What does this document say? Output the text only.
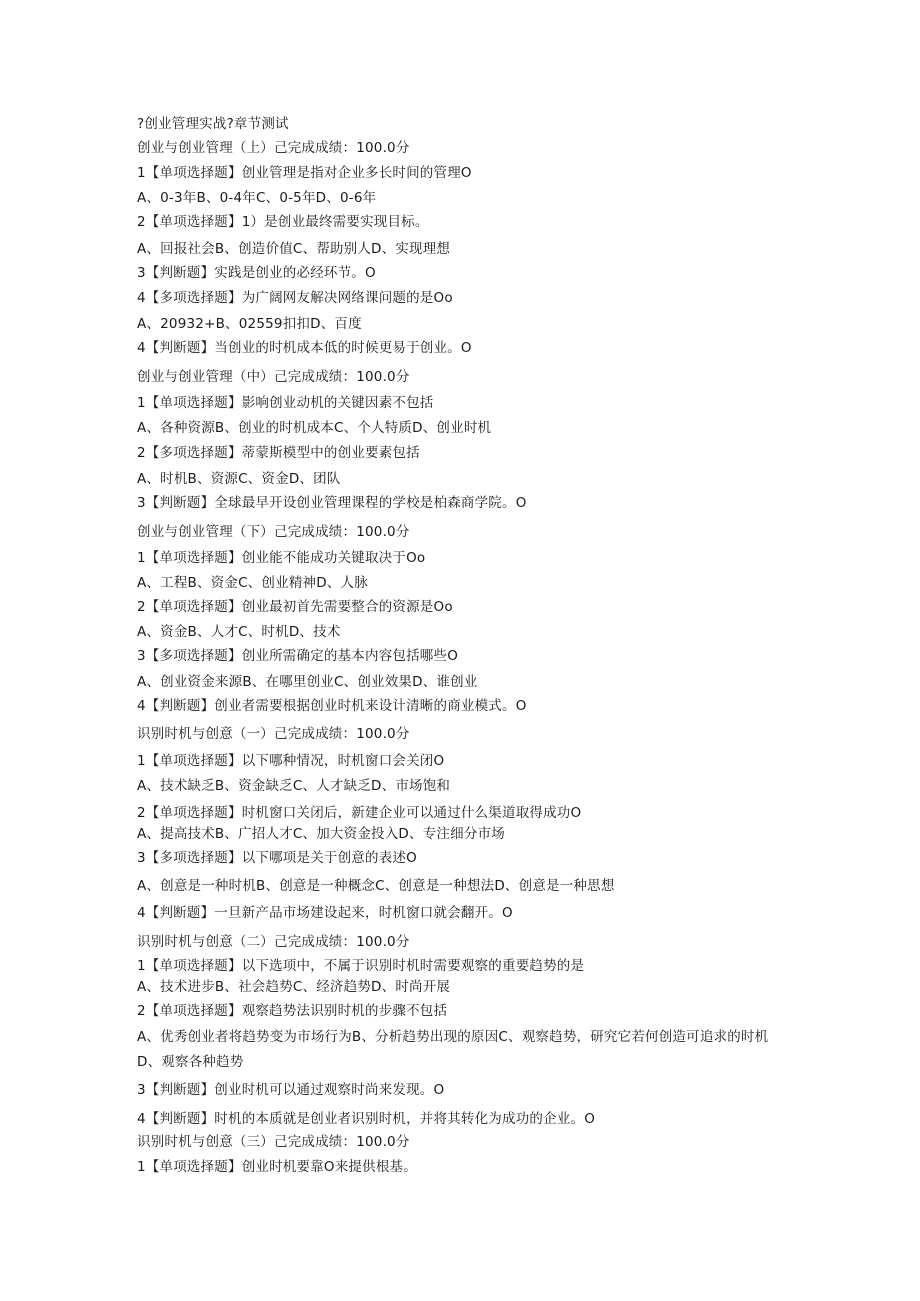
?创业管理实战?章节测试
创业与创业管理（上）己完成成绩：100.0分
1【单项选择题】创业管理是指对企业多长时间的管理O
A、0-3年B、0-4年C、0-5年D、0-6年
2【单项选择题】1）是创业最终需要实现目标。
A、回报社会B、创造价值C、帮助别人D、实现理想
3【判断题】实践是创业的必经环节。O
4【多项选择题】为广阔网友解决网络课问题的是Oo
A、20932+B、02559扣扣D、百度
4【判断题】当创业的时机成本低的时候更易于创业。O
创业与创业管理（中）己完成成绩：100.0分
1【单项选择题】影响创业动机的关键因素不包括
A、各种资源B、创业的时机成本C、个人特质D、创业时机
2【多项选择题】蒂蒙斯模型中的创业要素包括
A、时机B、资源C、资金D、团队
3【判断题】全球最早开设创业管理课程的学校是柏森商学院。O
创业与创业管理（下）己完成成绩：100.0分
1【单项选择题】创业能不能成功关键取决于Oo
A、工程B、资金C、创业精神D、人脉
2【单项选择题】创业最初首先需要整合的资源是Oo
A、资金B、人才C、时机D、技术
3【多项选择题】创业所需确定的基本内容包括哪些O
A、创业资金来源B、在哪里创业C、创业效果D、谁创业
4【判断题】创业者需要根据创业时机来设计清晰的商业模式。O
识别时机与创意（一）己完成成绩：100.0分
1【单项选择题】以下哪种情况，时机窗口会关闭O
A、技术缺乏B、资金缺乏C、人才缺乏D、市场饱和
2【单项选择题】时机窗口关闭后，新建企业可以通过什么渠道取得成功O
A、提高技术B、广招人才C、加大资金投入D、专注细分市场
3【多项选择题】以下哪项是关于创意的表述O
A、创意是一种时机B、创意是一种概念C、创意是一种想法D、创意是一种思想
4【判断题】一旦新产品市场建设起来，时机窗口就会翻开。O
识别时机与创意（二）己完成成绩：100.0分
1【单项选择题】以下选项中，不属于识别时机时需要观察的重要趋势的是
A、技术进步B、社会趋势C、经济趋势D、时尚开展
2【单项选择题】观察趋势法识别时机的步骤不包括
A、优秀创业者将趋势变为市场行为B、分析趋势出现的原因C、观察趋势，研究它若何创造可追求的时机D、观察各种趋势
3【判断题】创业时机可以通过观察时尚来发现。O
4【判断题】时机的本质就是创业者识别时机，并将其转化为成功的企业。O
识别时机与创意（三）己完成成绩：100.0分
1【单项选择题】创业时机要靠O来提供根基。
